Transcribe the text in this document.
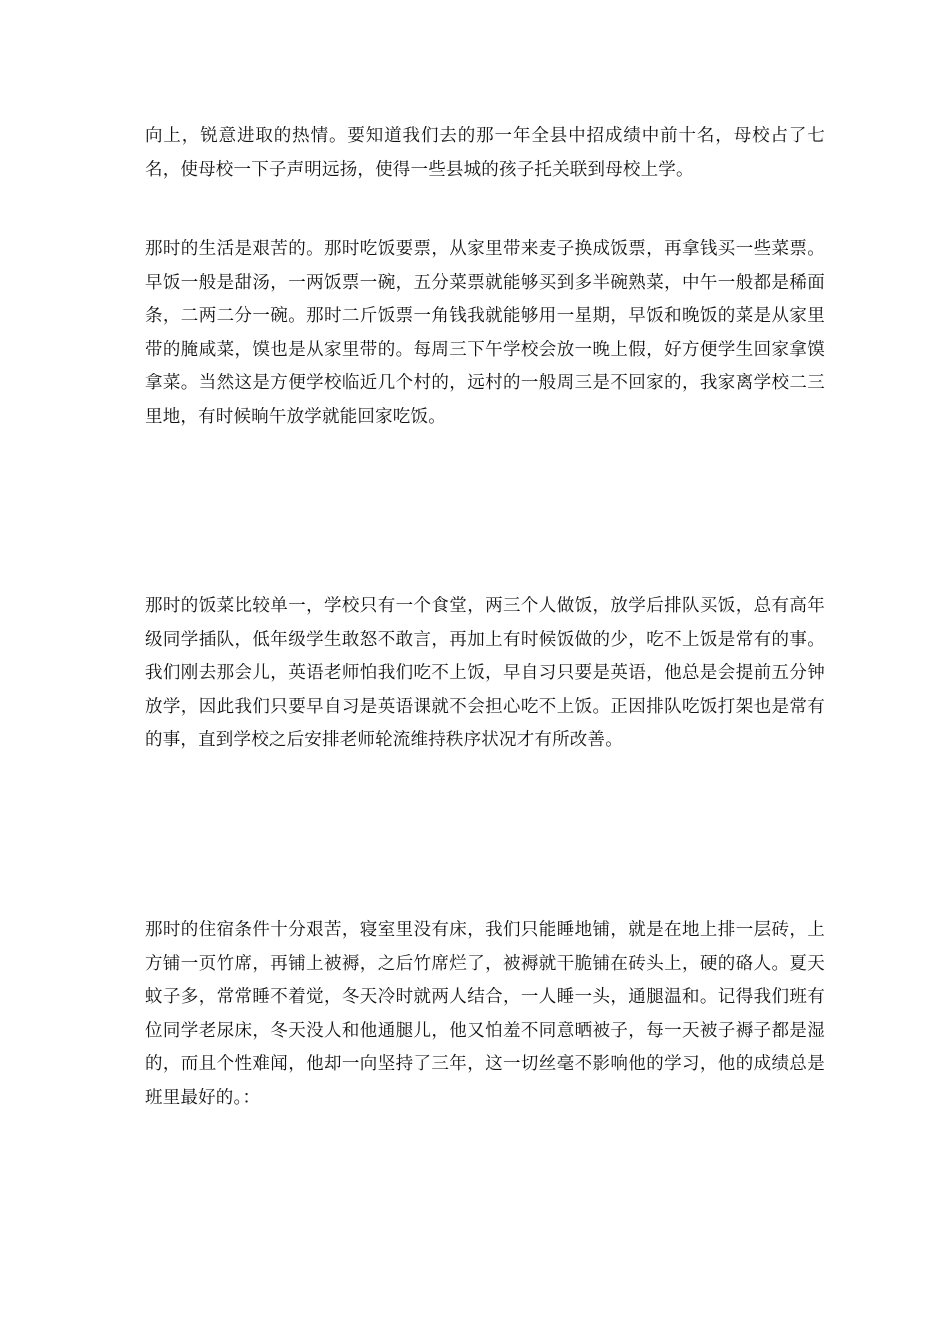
向上，锐意进取的热情。要知道我们去的那一年全县中招成绩中前十名，母校占了七名，使母校一下子声明远扬，使得一些县城的孩子托关联到母校上学。

那时的生活是艰苦的。那时吃饭要票，从家里带来麦子换成饭票，再拿钱买一些菜票。早饭一般是甜汤，一两饭票一碗，五分菜票就能够买到多半碗熟菜，中午一般都是稀面条，二两二分一碗。那时二斤饭票一角钱我就能够用一星期，早饭和晚饭的菜是从家里带的腌咸菜，馍也是从家里带的。每周三下午学校会放一晚上假，好方便学生回家拿馍拿菜。当然这是方便学校临近几个村的，远村的一般周三是不回家的，我家离学校二三里地，有时候晌午放学就能回家吃饭。

那时的饭菜比较单一，学校只有一个食堂，两三个人做饭，放学后排队买饭，总有高年级同学插队，低年级学生敢怒不敢言，再加上有时候饭做的少，吃不上饭是常有的事。我们刚去那会儿，英语老师怕我们吃不上饭，早自习只要是英语，他总是会提前五分钟放学，因此我们只要早自习是英语课就不会担心吃不上饭。正因排队吃饭打架也是常有的事，直到学校之后安排老师轮流维持秩序状况才有所改善。

那时的住宿条件十分艰苦，寝室里没有床，我们只能睡地铺，就是在地上排一层砖，上方铺一页竹席，再铺上被褥，之后竹席烂了，被褥就干脆铺在砖头上，硬的硌人。夏天蚊子多，常常睡不着觉，冬天冷时就两人结合，一人睡一头，通腿温和。记得我们班有位同学老尿床，冬天没人和他通腿儿，他又怕羞不同意晒被子，每一天被子褥子都是湿的，而且个性难闻，他却一向坚持了三年，这一切丝毫不影响他的学习，他的成绩总是班里最好的。：
